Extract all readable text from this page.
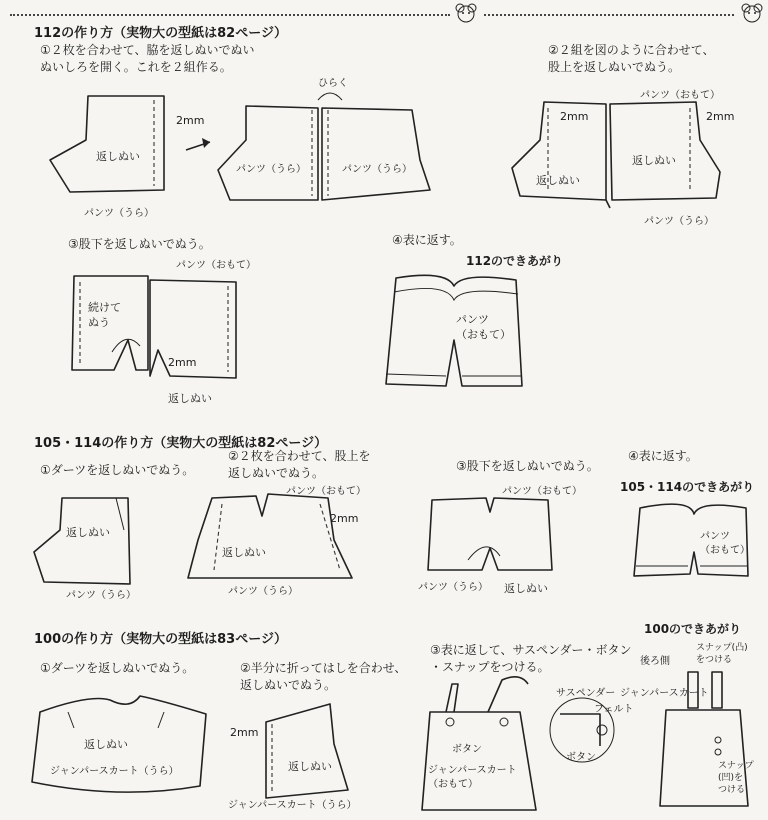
112の作り方（実物大の型紙は82ページ）
①２枚を合わせて、脇を返しぬいでぬい
ぬいしろを開く。これを２組作る。
②２組を図のように合わせて、
股上を返しぬいでぬう。
③股下を返しぬいでぬう。	④表に返す。
112のできあがり
2mm
返しぬい
パンツ（うら）
ひらく
パンツ（うら）	パンツ（うら）
パンツ（おもて）
2mm	2mm
返しぬい
返しぬい
パンツ（うら）
パンツ（おもて）
2mm
返しぬい
返しぬい
パンツ（うら）
パンツ（おもて）
2mm
返しぬい
パンツ（うら）
パンツ（おもて）
パンツ（うら） 返しぬい
返しぬい
ジャンパースカート（うら）
2mm
返しぬい
ジャンパースカート（うら）
ボタン
サスペンダー
フェルト
ボタン
後ろ側
ジャンパースカート
続けて
ぬう	パンツ
（おもて）
パンツ
（おもて）
ジャンパースカート
（おもて）
スナップ(凸)
をつける
スナップ
(凹)を
つける
105・114の作り方（実物大の型紙は82ページ）
①ダーツを返しぬいでぬう。
②２枚を合わせて、股上を
返しぬいでぬう。	③股下を返しぬいでぬう。
④表に返す。
105・114のできあがり
100の作り方（実物大の型紙は83ページ）
①ダーツを返しぬいでぬう。	②半分に折ってはしを合わせ、
返しぬいでぬう。
③表に返して、サスペンダー・ボタン
・スナップをつける。
100のできあがり
